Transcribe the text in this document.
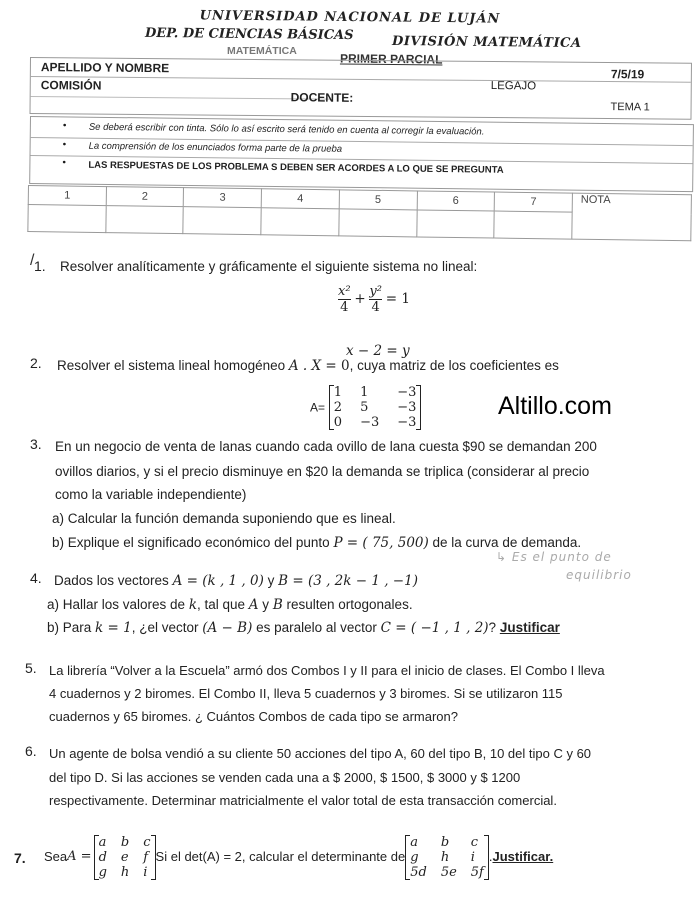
UNIVERSIDAD NACIONAL DE LUJÁN
DEP. DE CIENCIAS BÁSICAS	DIVISIÓN MATEMÁTICA
MATEMÁTICA
PRIMER PARCIAL
APELLIDO Y NOMBRE	7/5/19
COMISIÓN	LEGAJO
DOCENTE:
TEMA 1
• Se deberá escribir con tinta. Sólo lo así escrito será tenido en cuenta al corregir la evaluación.
• La comprensión de los enunciados forma parte de la prueba
• LAS RESPUESTAS DE LOS PROBLEMA S DEBEN SER ACORDES A LO QUE SE PREGUNTA
1	2	3	4	5	6	7	NOTA

1.
/ Resolver analíticamente y gráficamente el siguiente sistema no lineal:
$\frac{\text{x²}}{4} + \frac{\text{y²}}{4} = 1$
x − 2 = y
2. Resolver el sistema lineal homogéneo A . X = 0, cuya matriz de los coeficientes es
A=
1 1	−3
2 5	−3
0 −3 −3
Altillo.com
3. En un negocio de venta de lanas cuando cada ovillo de lana cuesta $90 se demandan 200
ovillos diarios, y si el precio disminuye en $20 la demanda se triplica (considerar al precio
como la variable independiente)
a) Calcular la función demanda suponiendo que es lineal.
b) Explique el significado económico del punto P = ( 75, 500) de la curva de demanda.
↳ Es el punto de
equilibrio
4. Dados los vectores A = (k , 1 , 0) y B = (3 , 2k − 1 , −1)
a) Hallar los valores de k, tal que A y B resulten ortogonales.
b) Para k = 1, ¿el vector (A − B) es paralelo al vector C = ( −1 , 1 , 2)? Justificar
5. La librería “Volver a la Escuela” armó dos Combos I y II para el inicio de clases. El Combo I lleva
4 cuadernos y 2 biromes. El Combo II, lleva 5 cuadernos y 3 biromes. Si se utilizaron 115
cuadernos y 65 biromes. ¿ Cuántos Combos de cada tipo se armaron?
6. Un agente de bolsa vendió a su cliente 50 acciones del tipo A, 60 del tipo B, 10 del tipo C y 60
del tipo D. Si las acciones se venden cada una a $ 2000, $ 1500, $ 3000 y $ 1200
respectivamente. Determinar matricialmente el valor total de esta transacción comercial.
7. Sea A =
a b c
d e f
g h i
Si el det(A) = 2, calcular el determinante de
a	b	c
g	h	i
5d 5e 5f
. Justificar.
